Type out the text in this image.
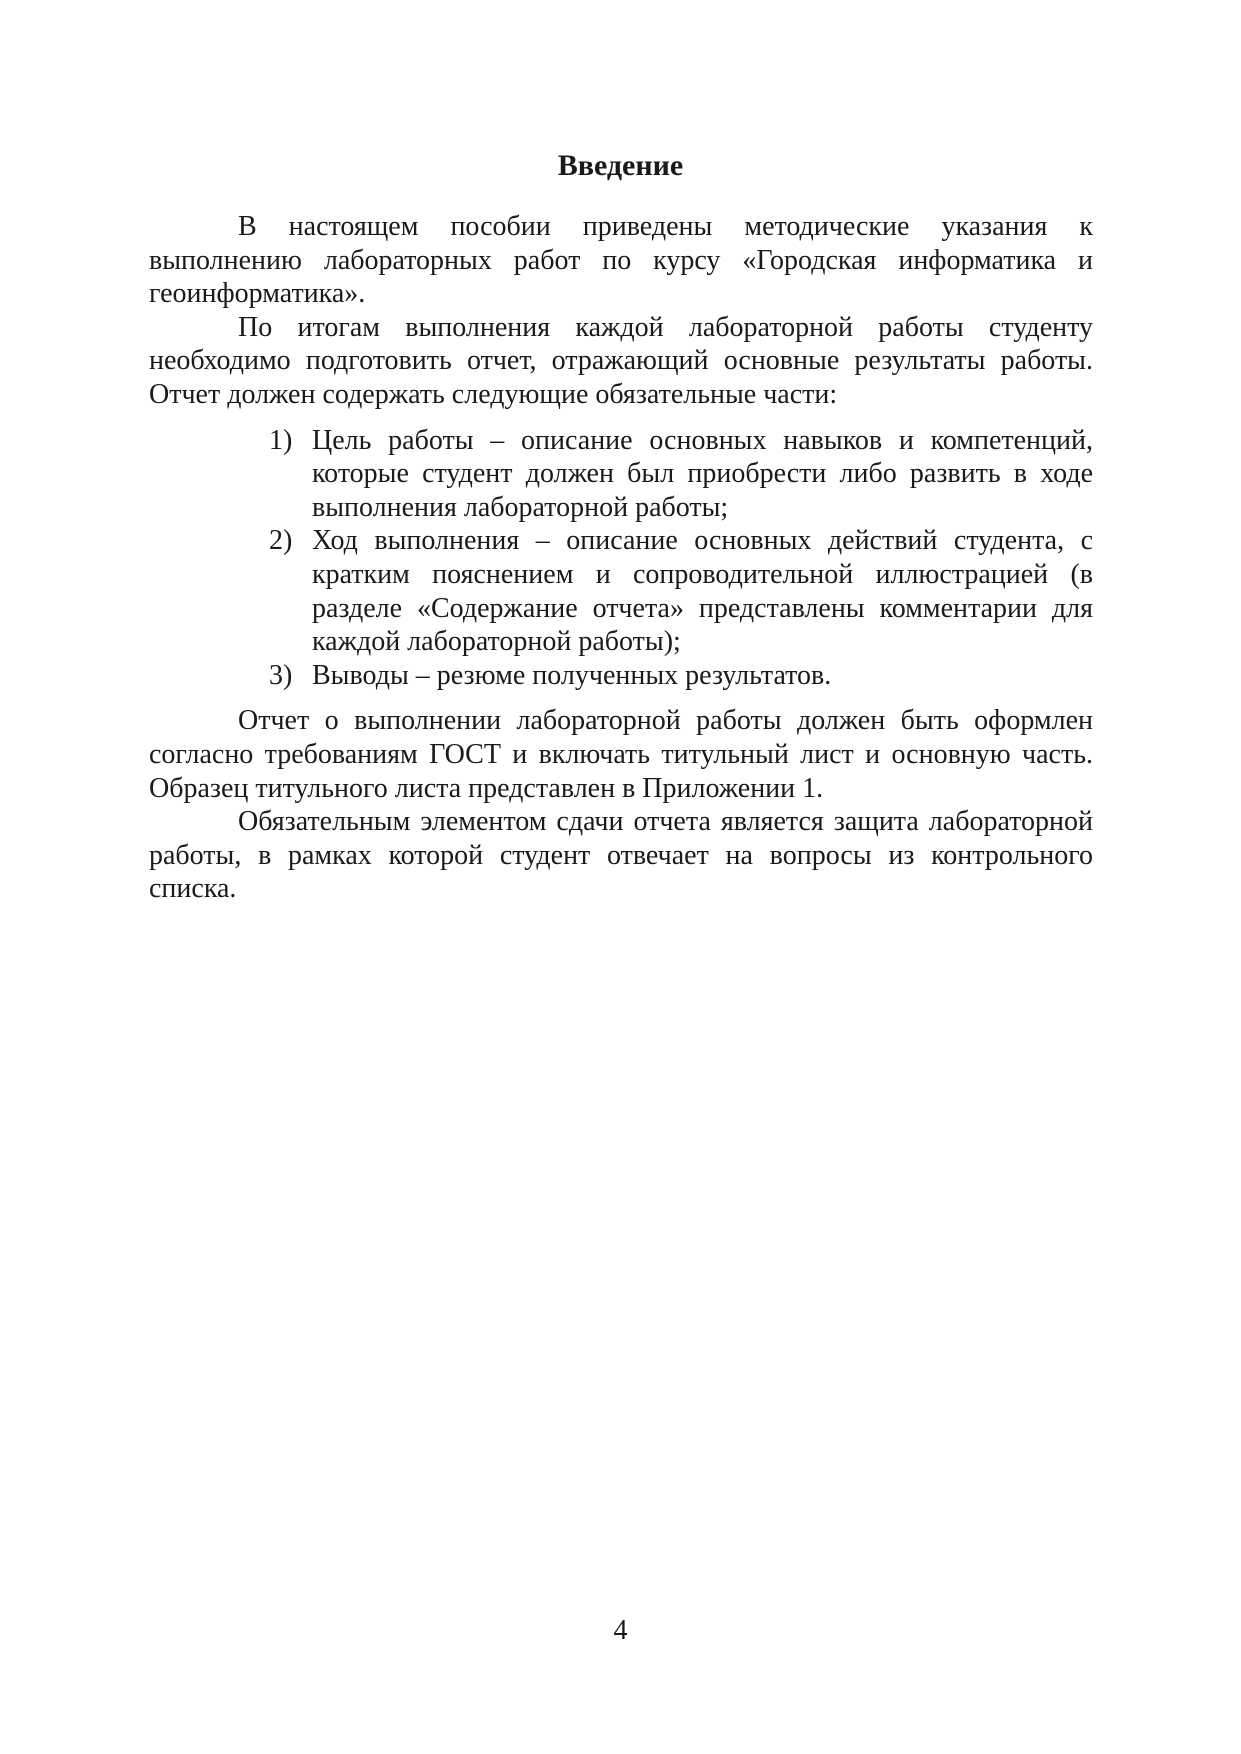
Введение

В настоящем пособии приведены методические указания к выполнению лабораторных работ по курсу «Городская информатика и геоинформатика».

По итогам выполнения каждой лабораторной работы студенту необходимо подготовить отчет, отражающий основные результаты работы. Отчет должен содержать следующие обязательные части:

1) Цель работы – описание основных навыков и компетенций, которые студент должен был приобрести либо развить в ходе выполнения лабораторной работы;
2) Ход выполнения – описание основных действий студента, с кратким пояснением и сопроводительной иллюстрацией (в разделе «Содержание отчета» представлены комментарии для каждой лабораторной работы);
3) Выводы – резюме полученных результатов.

Отчет о выполнении лабораторной работы должен быть оформлен согласно требованиям ГОСТ и включать титульный лист и основную часть. Образец титульного листа представлен в Приложении 1.

Обязательным элементом сдачи отчета является защита лабораторной работы, в рамках которой студент отвечает на вопросы из контрольного списка.

4
